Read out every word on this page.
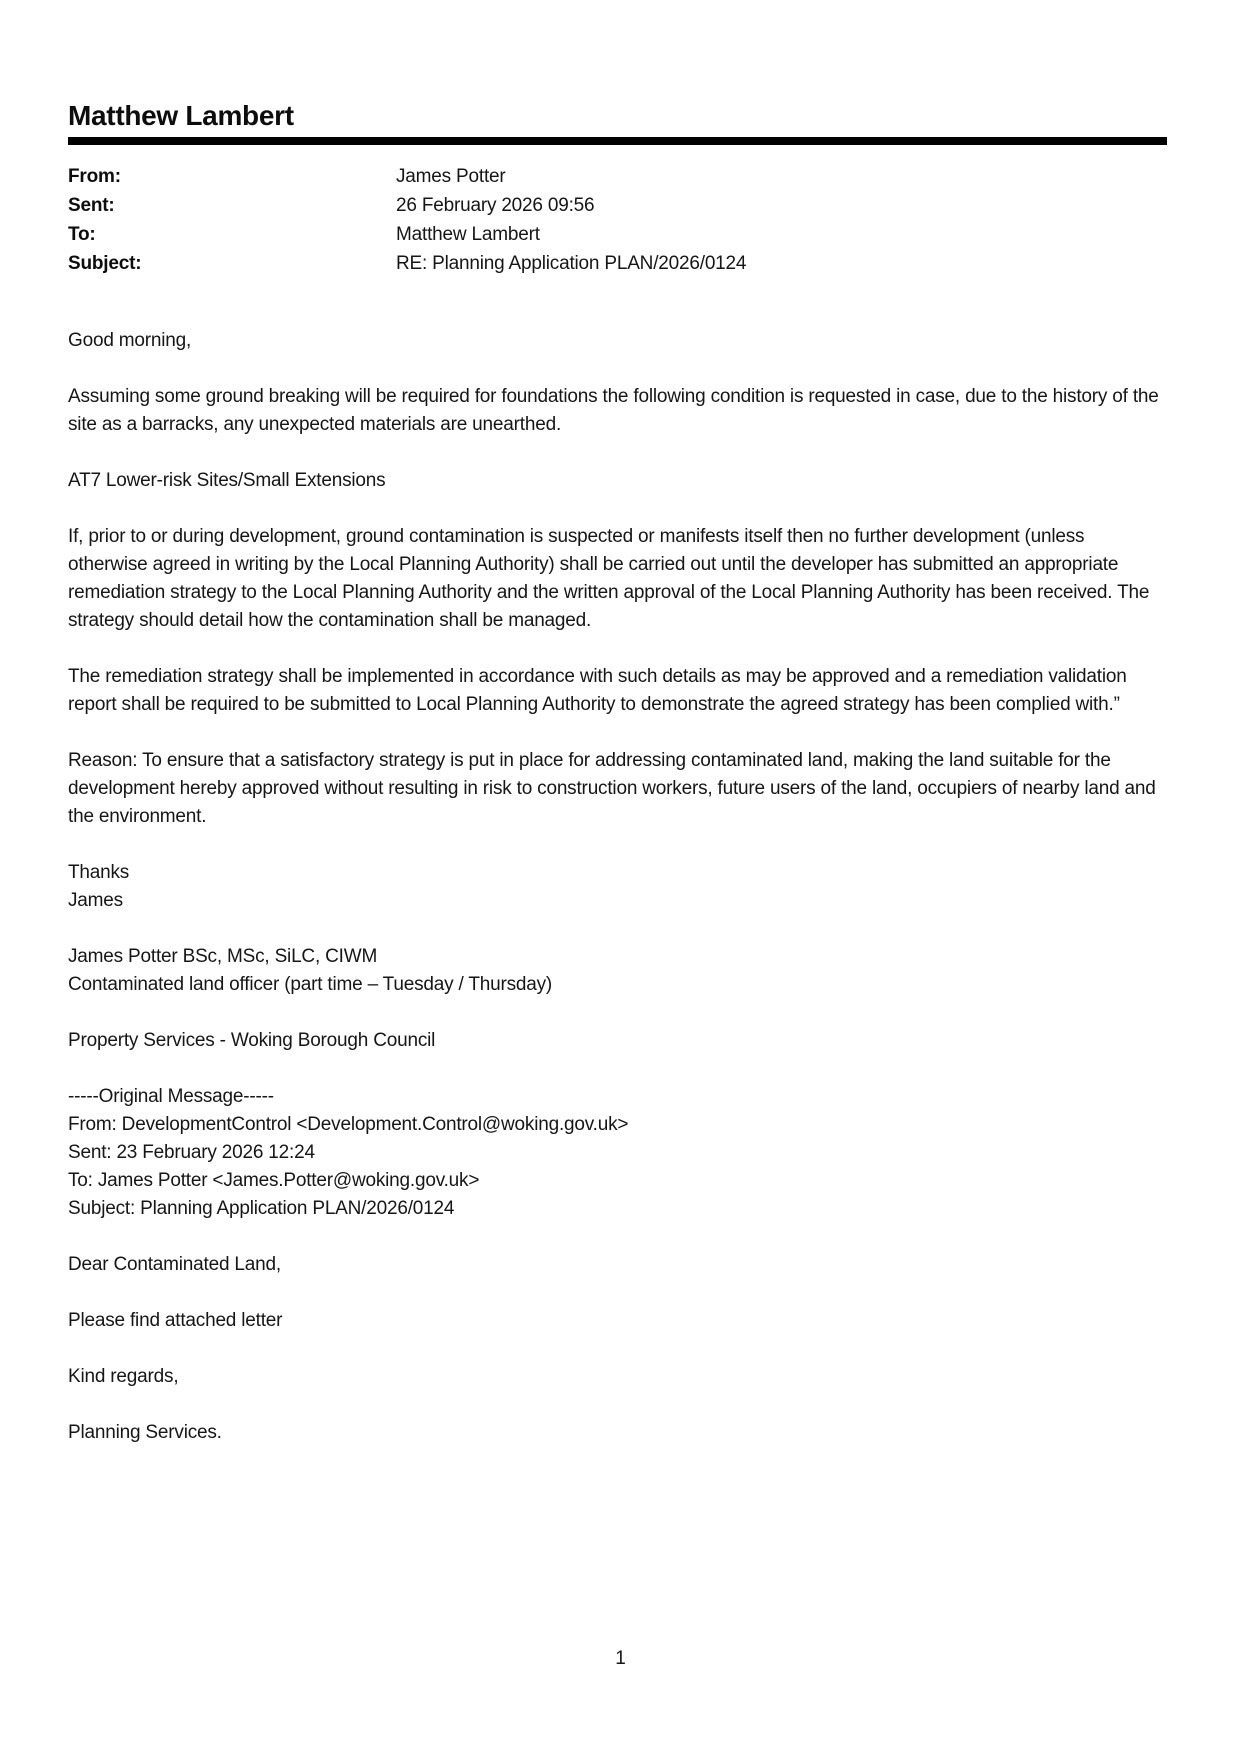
Matthew Lambert
From:	James Potter
Sent:	26 February 2026 09:56
To:	Matthew Lambert
Subject:	RE: Planning Application PLAN/2026/0124
Good morning,
Assuming some ground breaking will be required for foundations the following condition is requested in case, due to the history of the site as a barracks, any unexpected materials are unearthed.
AT7 Lower-risk Sites/Small Extensions
If, prior to or during development, ground contamination is suspected or manifests itself then no further development (unless otherwise agreed in writing by the Local Planning Authority) shall be carried out until the developer has submitted an appropriate remediation strategy to the Local Planning Authority and the written approval of the Local Planning Authority has been received. The strategy should detail how the contamination shall be managed.
The remediation strategy shall be implemented in accordance with such details as may be approved and a remediation validation report shall be required to be submitted to Local Planning Authority to demonstrate the agreed strategy has been complied with.”
Reason: To ensure that a satisfactory strategy is put in place for addressing contaminated land, making the land suitable for the development hereby approved without resulting in risk to construction workers, future users of the land, occupiers of nearby land and the environment.
Thanks
James
James Potter BSc, MSc, SiLC, CIWM
Contaminated land officer (part time – Tuesday / Thursday)
Property Services - Woking Borough Council
-----Original Message-----
From: DevelopmentControl <Development.Control@woking.gov.uk>
Sent: 23 February 2026 12:24
To: James Potter <James.Potter@woking.gov.uk>
Subject: Planning Application PLAN/2026/0124
Dear Contaminated Land,
Please find attached letter
Kind regards,
Planning Services.
1
